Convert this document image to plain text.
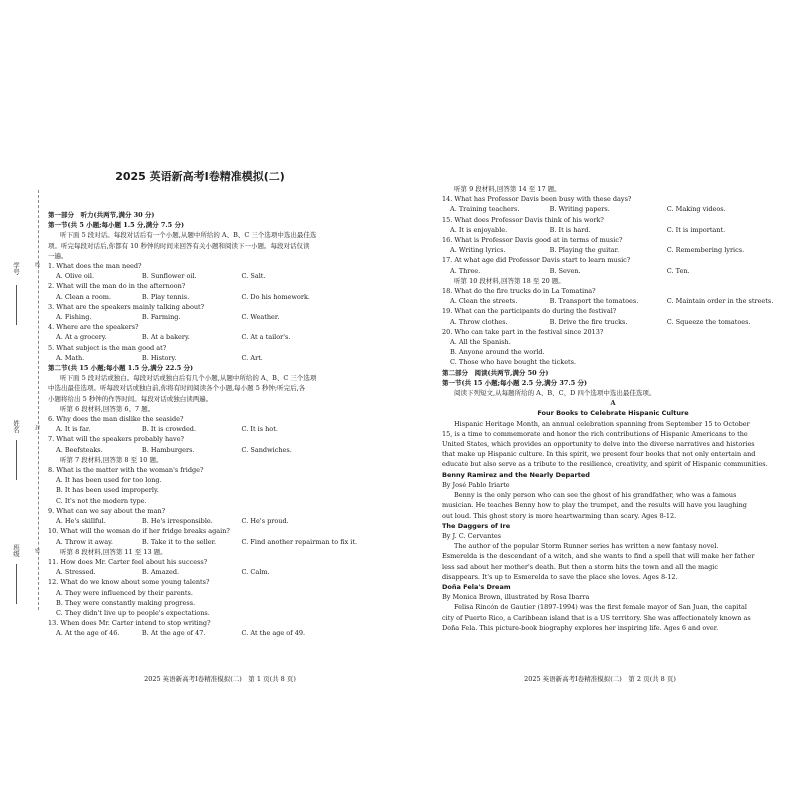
学号
姓名
班级
线
封
密
2025 英语新高考Ⅰ卷精准模拟(二)
第一部分　听力(共两节,满分 30 分)
第一节(共 5 小题;每小题 1.5 分,满分 7.5 分)
听下面 5 段对话。每段对话后有一个小题,从题中所给的 A、B、C 三个选项中选出最佳选
项。听完每段对话后,你都有 10 秒钟的时间来回答有关小题和阅读下一小题。每段对话仅读
一遍。
1. What does the man need?
A. Olive oil.	B. Sunflower oil.	C. Salt.
2. What will the man do in the afternoon?
A. Clean a room.	B. Play tennis.	C. Do his homework.
3. What are the speakers mainly talking about?
A. Fishing.	B. Farming.	C. Weather.
4. Where are the speakers?
A. At a grocery.	B. At a bakery.	C. At a tailor's.
5. What subject is the man good at?
A. Math.	B. History.	C. Art.
第二节(共 15 小题;每小题 1.5 分,满分 22.5 分)
听下面 5 段对话或独白。每段对话或独白后有几个小题,从题中所给的 A、B、C 三个选项
中选出最佳选项。听每段对话或独白前,你将有时间阅读各个小题,每小题 5 秒钟;听完后,各
小题将给出 5 秒钟的作答时间。每段对话或独白读两遍。
听第 6 段材料,回答第 6、7 题。
6. Why does the man dislike the seaside?
A. It is far.	B. It is crowded.	C. It is hot.
7. What will the speakers probably have?
A. Beefsteaks.	B. Hamburgers.	C. Sandwiches.
听第 7 段材料,回答第 8 至 10 题。
8. What is the matter with the woman's fridge?
A. It has been used for too long.
B. It has been used improperly.
C. It's not the modern type.
9. What can we say about the man?
A. He's skillful.	B. He's irresponsible.	C. He's proud.
10. What will the woman do if her fridge breaks again?
A. Throw it away.	B. Take it to the seller.	C. Find another repairman to fix it.
听第 8 段材料,回答第 11 至 13 题。
11. How does Mr. Carter feel about his success?
A. Stressed.	B. Amazed.	C. Calm.
12. What do we know about some young talents?
A. They were influenced by their parents.
B. They were constantly making progress.
C. They didn't live up to people's expectations.
13. When does Mr. Carter intend to stop writing?
A. At the age of 46.	B. At the age of 47.	C. At the age of 49.
2025 英语新高考Ⅰ卷精准模拟(二)　第 1 页(共 8 页)
听第 9 段材料,回答第 14 至 17 题。
14. What has Professor Davis been busy with these days?
A. Training teachers.	B. Writing papers.	C. Making videos.
15. What does Professor Davis think of his work?
A. It is enjoyable.	B. It is hard.	C. It is important.
16. What is Professor Davis good at in terms of music?
A. Writing lyrics.	B. Playing the guitar.	C. Remembering lyrics.
17. At what age did Professor Davis start to learn music?
A. Three.	B. Seven.	C. Ten.
听第 10 段材料,回答第 18 至 20 题。
18. What do the fire trucks do in La Tomatina?
A. Clean the streets.	B. Transport the tomatoes.	C. Maintain order in the streets.
19. What can the participants do during the festival?
A. Throw clothes.	B. Drive the fire trucks.	C. Squeeze the tomatoes.
20. Who can take part in the festival since 2013?
A. All the Spanish.
B. Anyone around the world.
C. Those who have bought the tickets.
第二部分　阅读(共两节,满分 50 分)
第一节(共 15 小题;每小题 2.5 分,满分 37.5 分)
阅读下列短文,从每题所给的 A、B、C、D 四个选项中选出最佳选项。
A
Four Books to Celebrate Hispanic Culture
Hispanic Heritage Month, an annual celebration spanning from September 15 to October
15, is a time to commemorate and honor the rich contributions of Hispanic Americans to the
United States, which provides an opportunity to delve into the diverse narratives and histories
that make up Hispanic culture. In this spirit, we present four books that not only entertain and
educate but also serve as a tribute to the resilience, creativity, and spirit of Hispanic communities.
Benny Ramirez and the Nearly Departed
By José Pablo Iriarte
Benny is the only person who can see the ghost of his grandfather, who was a famous
musician. He teaches Benny how to play the trumpet, and the results will have you laughing
out loud. This ghost story is more heartwarming than scary. Ages 8-12.
The Daggers of Ire
By J. C. Cervantes
The author of the popular Storm Runner series has written a new fantasy novel.
Esmerelda is the descendant of a witch, and she wants to find a spell that will make her father
less sad about her mother's death. But then a storm hits the town and all the magic
disappears. It's up to Esmerelda to save the place she loves. Ages 8-12.
Doña Fela's Dream
By Monica Brown, illustrated by Rosa Ibarra
Felisa Rincón de Gautier (1897-1994) was the first female mayor of San Juan, the capital
city of Puerto Rico, a Caribbean island that is a US territory. She was affectionately known as
Doña Fela. This picture-book biography explores her inspiring life. Ages 6 and over.
2025 英语新高考Ⅰ卷精准模拟(二)　第 2 页(共 8 页)
